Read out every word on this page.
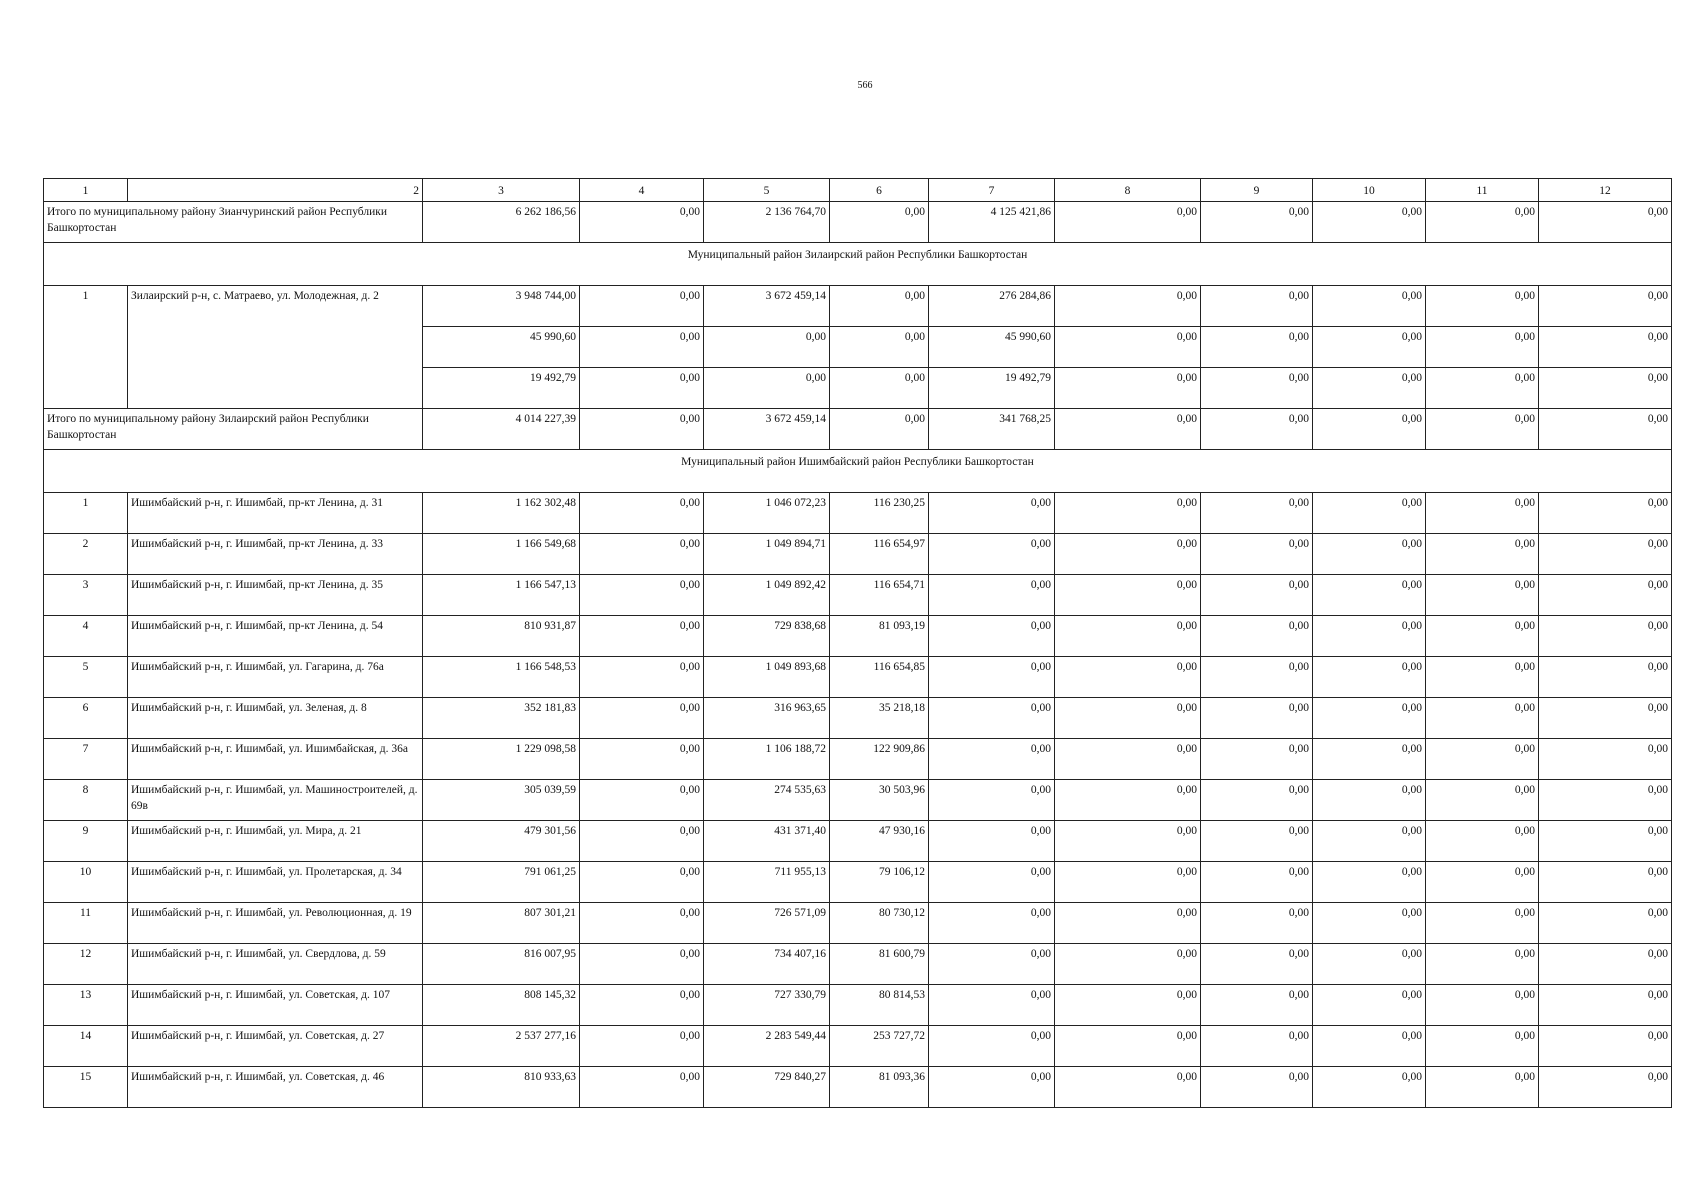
566
1	2	3	4	5	6	7	8	9	10	11	12
Итого по муниципальному району Зианчуринский район Республики Башкортостан		6 262 186,56	0,00	2 136 764,70	0,00	4 125 421,86	0,00	0,00	0,00	0,00	0,00
Муниципальный район Зилаирский район Республики Башкортостан											
1	Зилаирский р-н, с. Матраево, ул. Молодежная, д. 2	3 948 744,00	0,00	3 672 459,14	0,00	276 284,86	0,00	0,00	0,00	0,00	0,00
		45 990,60	0,00	0,00	0,00	45 990,60	0,00	0,00	0,00	0,00	0,00
		19 492,79	0,00	0,00	0,00	19 492,79	0,00	0,00	0,00	0,00	0,00
Итого по муниципальному району Зилаирский район Республики Башкортостан		4 014 227,39	0,00	3 672 459,14	0,00	341 768,25	0,00	0,00	0,00	0,00	0,00
Муниципальный район Ишимбайский район Республики Башкортостан											
1	Ишимбайский р-н, г. Ишимбай, пр-кт Ленина, д. 31	1 162 302,48	0,00	1 046 072,23	116 230,25	0,00	0,00	0,00	0,00	0,00	0,00
2	Ишимбайский р-н, г. Ишимбай, пр-кт Ленина, д. 33	1 166 549,68	0,00	1 049 894,71	116 654,97	0,00	0,00	0,00	0,00	0,00	0,00
3	Ишимбайский р-н, г. Ишимбай, пр-кт Ленина, д. 35	1 166 547,13	0,00	1 049 892,42	116 654,71	0,00	0,00	0,00	0,00	0,00	0,00
4	Ишимбайский р-н, г. Ишимбай, пр-кт Ленина, д. 54	810 931,87	0,00	729 838,68	81 093,19	0,00	0,00	0,00	0,00	0,00	0,00
5	Ишимбайский р-н, г. Ишимбай, ул. Гагарина, д. 76а	1 166 548,53	0,00	1 049 893,68	116 654,85	0,00	0,00	0,00	0,00	0,00	0,00
6	Ишимбайский р-н, г. Ишимбай, ул. Зеленая, д. 8	352 181,83	0,00	316 963,65	35 218,18	0,00	0,00	0,00	0,00	0,00	0,00
7	Ишимбайский р-н, г. Ишимбай, ул. Ишимбайская, д. 36а	1 229 098,58	0,00	1 106 188,72	122 909,86	0,00	0,00	0,00	0,00	0,00	0,00
8	Ишимбайский р-н, г. Ишимбай, ул. Машиностроителей, д. 69в	305 039,59	0,00	274 535,63	30 503,96	0,00	0,00	0,00	0,00	0,00	0,00
9	Ишимбайский р-н, г. Ишимбай, ул. Мира, д. 21	479 301,56	0,00	431 371,40	47 930,16	0,00	0,00	0,00	0,00	0,00	0,00
10	Ишимбайский р-н, г. Ишимбай, ул. Пролетарская, д. 34	791 061,25	0,00	711 955,13	79 106,12	0,00	0,00	0,00	0,00	0,00	0,00
11	Ишимбайский р-н, г. Ишимбай, ул. Революционная, д. 19	807 301,21	0,00	726 571,09	80 730,12	0,00	0,00	0,00	0,00	0,00	0,00
12	Ишимбайский р-н, г. Ишимбай, ул. Свердлова, д. 59	816 007,95	0,00	734 407,16	81 600,79	0,00	0,00	0,00	0,00	0,00	0,00
13	Ишимбайский р-н, г. Ишимбай, ул. Советская, д. 107	808 145,32	0,00	727 330,79	80 814,53	0,00	0,00	0,00	0,00	0,00	0,00
14	Ишимбайский р-н, г. Ишимбай, ул. Советская, д. 27	2 537 277,16	0,00	2 283 549,44	253 727,72	0,00	0,00	0,00	0,00	0,00	0,00
15	Ишимбайский р-н, г. Ишимбай, ул. Советская, д. 46	810 933,63	0,00	729 840,27	81 093,36	0,00	0,00	0,00	0,00	0,00	0,00
